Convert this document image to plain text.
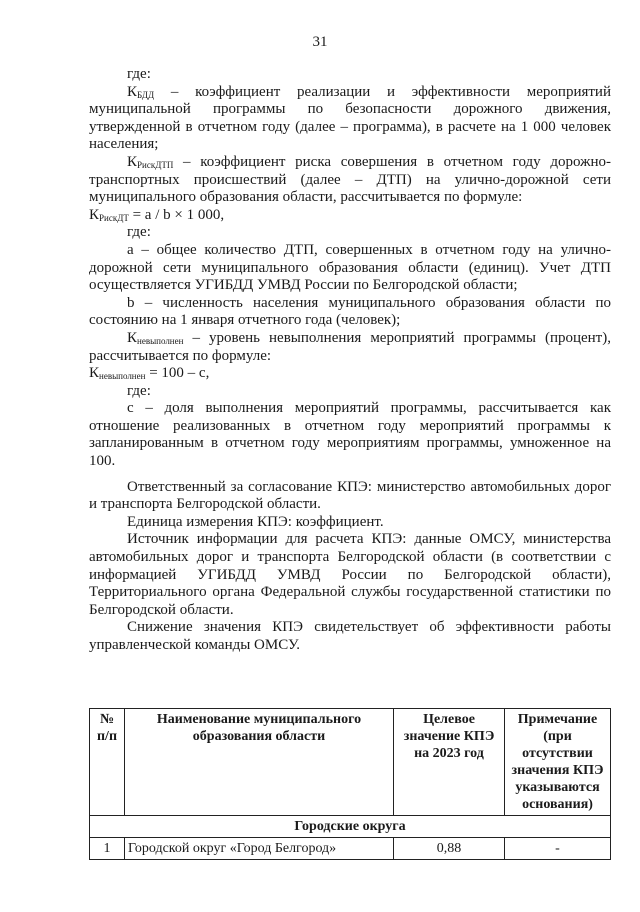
31

где:

$К_{БДД}$ – коэффициент реализации и эффективности мероприятий муниципальной программы по безопасности дорожного движения, утвержденной в отчетном году (далее – программа), в расчете на 1 000 человек населения;

$К_{РискДТП}$ – коэффициент риска совершения в отчетном году дорожно-транспортных происшествий (далее – ДТП) на улично-дорожной сети муниципального образования области, рассчитывается по формуле:

$К_{РискДТ} = a / b \times 1$ 000,

где:

а – общее количество ДТП, совершенных в отчетном году на улично-дорожной сети муниципального образования области (единиц). Учет ДТП осуществляется УГИБДД УМВД России по Белгородской области;

b – численность населения муниципального образования области по состоянию на 1 января отчетного года (человек);

$К_{невыполнен}$ – уровень невыполнения мероприятий программы (процент), рассчитывается по формуле:

$К_{невыполнен} = 100 - c$,

где:

c – доля выполнения мероприятий программы, рассчитывается как отношение реализованных в отчетном году мероприятий программы к запланированным в отчетном году мероприятиям программы, умноженное на 100.

Ответственный за согласование КПЭ: министерство автомобильных дорог и транспорта Белгородской области.

Единица измерения КПЭ: коэффициент.

Источник информации для расчета КПЭ: данные ОМСУ, министерства автомобильных дорог и транспорта Белгородской области (в соответствии с информацией УГИБДД УМВД России по Белгородской области), Территориального органа Федеральной службы государственной статистики по Белгородской области.

Снижение значения КПЭ свидетельствует об эффективности работы управленческой команды ОМСУ.

№ п/п	Наименование муниципального образования области	Целевое значение КПЭ на 2023 год	Примечание (при отсутствии значения КПЭ указываются основания)
Городские округа			
1	Городской округ «Город Белгород»	0,88	-
